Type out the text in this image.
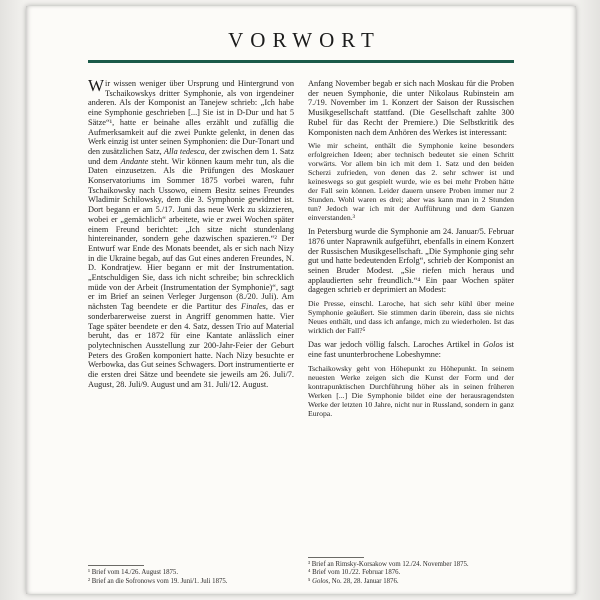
VORWORT

Wir wissen weniger über Ursprung und Hintergrund von Tschaikowskys dritter Symphonie, als von irgendeiner anderen. Als der Komponist an Tanejew schrieb: „Ich habe eine Symphonie geschrieben [...] Sie ist in D-Dur und hat 5 Sätze“¹, hatte er beinahe alles erzählt und zufällig die Aufmerksamkeit auf die zwei Punkte gelenkt, in denen das Werk einzig ist unter seinen Symphonien: die Dur-Tonart und den zusätzlichen Satz, Alla tedesca, der zwischen dem 1. Satz und dem Andante steht. Wir können kaum mehr tun, als die Daten einzusetzen. Als die Prüfungen des Moskauer Konservatoriums im Sommer 1875 vorbei waren, fuhr Tschaikowsky nach Ussowo, einem Besitz seines Freundes Wladimir Schilowsky, dem die 3. Symphonie gewidmet ist. Dort begann er am 5./17. Juni das neue Werk zu skizzieren, wobei er „gemächlich“ arbeitete, wie er zwei Wochen später einem Freund berichtet: „Ich sitze nicht stundenlang hintereinander, sondern gehe dazwischen spazieren.“² Der Entwurf war Ende des Monats beendet, als er sich nach Nizy in die Ukraine begab, auf das Gut eines anderen Freundes, N. D. Kondratjew. Hier begann er mit der Instrumentation. „Entschuldigen Sie, dass ich nicht schreibe; bin schrecklich müde von der Arbeit (Instrumentation der Symphonie)“, sagt er im Brief an seinen Verleger Jurgenson (8./20. Juli). Am nächsten Tag beendete er die Partitur des Finales, das er sonderbarerweise zuerst in Angriff genommen hatte. Vier Tage später beendete er den 4. Satz, dessen Trio auf Material beruht, das er 1872 für eine Kantate anlässlich einer polytechnischen Ausstellung zur 200-Jahr-Feier der Geburt Peters des Großen komponiert hatte. Nach Nizy besuchte er Werbowka, das Gut seines Schwagers. Dort instrumentierte er die ersten drei Sätze und beendete sie jeweils am 26. Juli/7. August, 28. Juli/9. August und am 31. Juli/12. August.

¹ Brief vom 14./26. August 1875.
² Brief an die Sofronows vom 19. Juni/1. Juli 1875.

Anfang November begab er sich nach Moskau für die Proben der neuen Symphonie, die unter Nikolaus Rubinstein am 7./19. November im 1. Konzert der Saison der Russischen Musikgesellschaft stattfand. (Die Gesellschaft zahlte 300 Rubel für das Recht der Premiere.) Die Selbstkritik des Komponisten nach dem Anhören des Werkes ist interessant:

Wie mir scheint, enthält die Symphonie keine besonders erfolgreichen Ideen; aber technisch bedeutet sie einen Schritt vorwärts. Vor allem bin ich mit dem 1. Satz und den beiden Scherzi zufrieden, von denen das 2. sehr schwer ist und keineswegs so gut gespielt wurde, wie es bei mehr Proben hätte der Fall sein können. Leider dauern unsere Proben immer nur 2 Stunden. Wohl waren es drei; aber was kann man in 2 Stunden tun? Jedoch war ich mit der Aufführung und dem Ganzen einverstanden.³

In Petersburg wurde die Symphonie am 24. Januar/5. Februar 1876 unter Naprawnik aufgeführt, ebenfalls in einem Konzert der Russischen Musikgesellschaft. „Die Symphonie ging sehr gut und hatte bedeutenden Erfolg“, schrieb der Komponist an seinen Bruder Modest. „Sie riefen mich heraus und applaudierten sehr freundlich.“⁴ Ein paar Wochen später dagegen schrieb er deprimiert an Modest:

Die Presse, einschl. Laroche, hat sich sehr kühl über meine Symphonie geäußert. Sie stimmen darin überein, dass sie nichts Neues enthält, und dass ich anfange, mich zu wiederholen. Ist das wirklich der Fall?⁵

Das war jedoch völlig falsch. Laroches Artikel in Golos ist eine fast ununterbrochene Lobeshymne:

Tschaikowsky geht von Höhepunkt zu Höhepunkt. In seinem neuesten Werke zeigen sich die Kunst der Form und der kontrapunktischen Durchführung höher als in seinen früheren Werken [...] Die Symphonie bildet eine der herausragendsten Werke der letzten 10 Jahre, nicht nur in Russland, sondern in ganz Europa.

³ Brief an Rimsky-Korsakow vom 12./24. November 1875.
⁴ Brief vom 10./22. Februar 1876.
⁵ Golos, No. 28, 28. Januar 1876.
